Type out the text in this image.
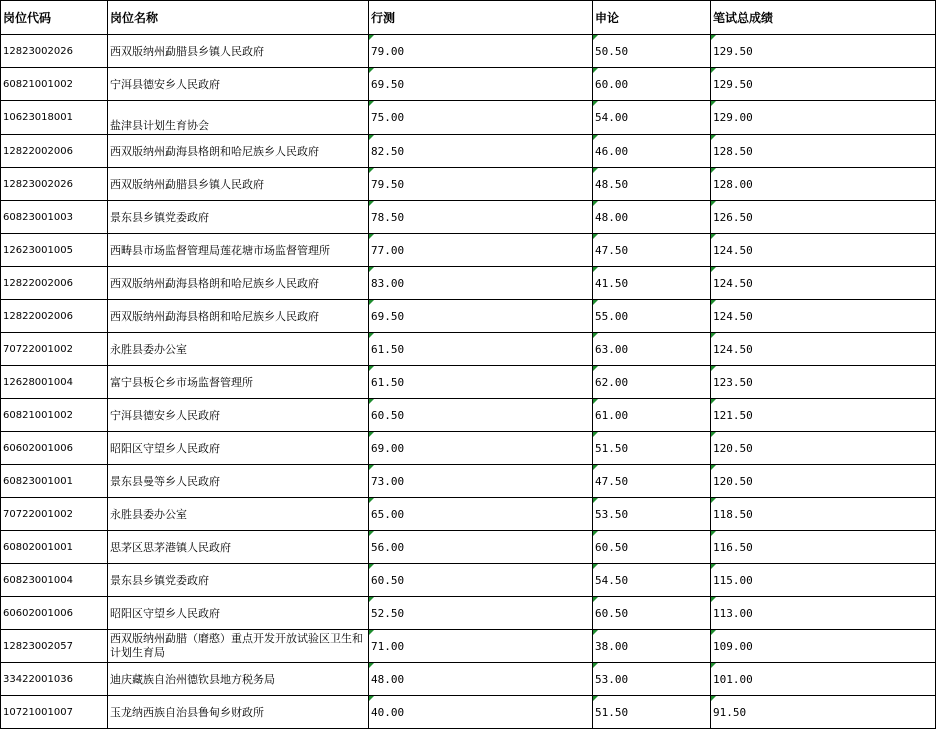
岗位代码	岗位名称	行测	申论	笔试总成绩
12823002026	西双版纳州勐腊县乡镇人民政府	79.00	50.50	129.50
60821001002	宁洱县德安乡人民政府	69.50	60.00	129.50
10623018001	盐津县计划生育协会	75.00	54.00	129.00
12822002006	西双版纳州勐海县格朗和哈尼族乡人民政府	82.50	46.00	128.50
12823002026	西双版纳州勐腊县乡镇人民政府	79.50	48.50	128.00
60823001003	景东县乡镇党委政府	78.50	48.00	126.50
12623001005	西畴县市场监督管理局莲花塘市场监督管理所	77.00	47.50	124.50
12822002006	西双版纳州勐海县格朗和哈尼族乡人民政府	83.00	41.50	124.50
12822002006	西双版纳州勐海县格朗和哈尼族乡人民政府	69.50	55.00	124.50
70722001002	永胜县委办公室	61.50	63.00	124.50
12628001004	富宁县板仑乡市场监督管理所	61.50	62.00	123.50
60821001002	宁洱县德安乡人民政府	60.50	61.00	121.50
60602001006	昭阳区守望乡人民政府	69.00	51.50	120.50
60823001001	景东县曼等乡人民政府	73.00	47.50	120.50
70722001002	永胜县委办公室	65.00	53.50	118.50
60802001001	思茅区思茅港镇人民政府	56.00	60.50	116.50
60823001004	景东县乡镇党委政府	60.50	54.50	115.00
60602001006	昭阳区守望乡人民政府	52.50	60.50	113.00
12823002057	西双版纳州勐腊（磨憨）重点开发开放试验区卫生和计划生育局	71.00	38.00	109.00
33422001036	迪庆藏族自治州德钦县地方税务局	48.00	53.00	101.00
10721001007	玉龙纳西族自治县鲁甸乡财政所	40.00	51.50	91.50
